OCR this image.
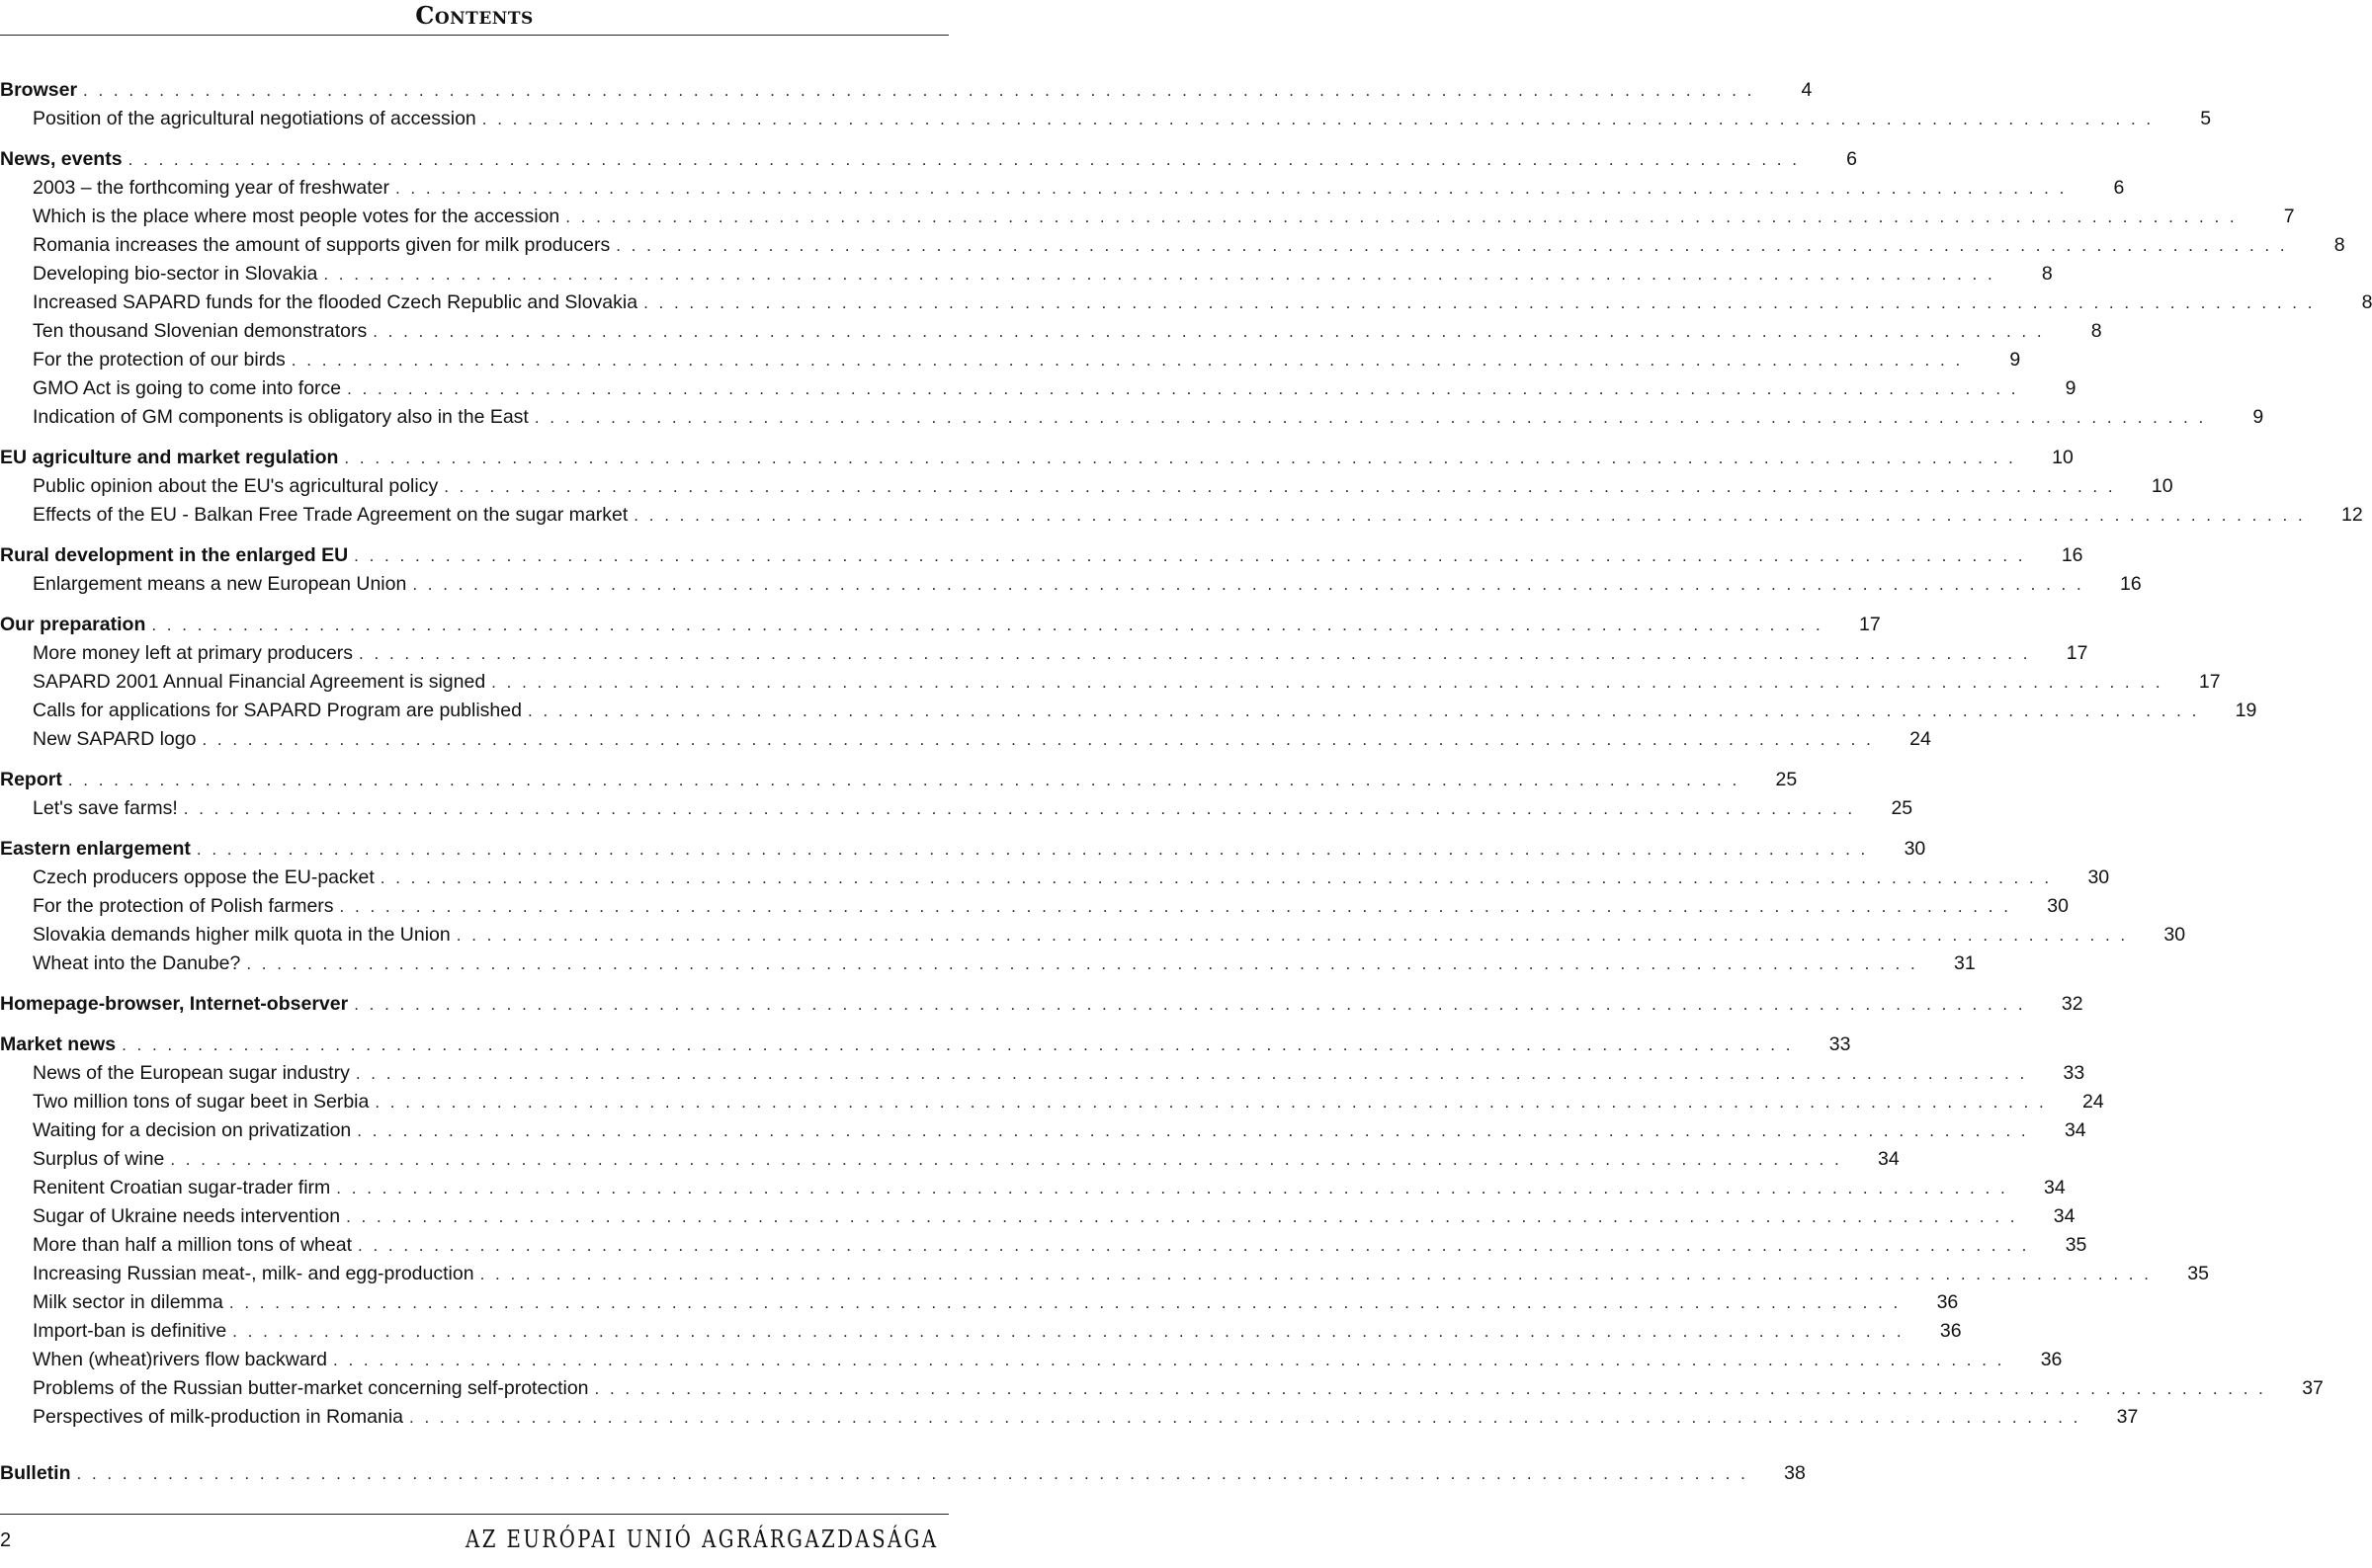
Contents
Browser . . . . . . . . . . . . . . . . . . . . . . . . . . . . . . . . . . . . . . . . . . . . . . . . . . . . . . . . . . . . . . . . . . . . . . . . . . . . . . . . . . . . . . . . . . . . . . . . . . . . . . . . . . . . . .	4
Position of the agricultural negotiations of accession . . . . . . . . . . . . . . . . . . . . . . . . . . . . . . . . . . . . . . . . . . . . . . . . . . . . . . . . . . . . . . . . . . . . . . . . . . . . . . . . . . . . . . . . . . . . . . . . . . . . . . . . . . . . . .	5
News, events . . . . . . . . . . . . . . . . . . . . . . . . . . . . . . . . . . . . . . . . . . . . . . . . . . . . . . . . . . . . . . . . . . . . . . . . . . . . . . . . . . . . . . . . . . . . . . . . . . . . . . . . . . . . . .	6
2003 – the forthcoming year of freshwater . . . . . . . . . . . . . . . . . . . . . . . . . . . . . . . . . . . . . . . . . . . . . . . . . . . . . . . . . . . . . . . . . . . . . . . . . . . . . . . . . . . . . . . . . . . . . . . . . . . . . . . . . . . . . .	6
Which is the place where most people votes for the accession . . . . . . . . . . . . . . . . . . . . . . . . . . . . . . . . . . . . . . . . . . . . . . . . . . . . . . . . . . . . . . . . . . . . . . . . . . . . . . . . . . . . . . . . . . . . . . . . . . . . . . . . . . . . . .	7
Romania increases the amount of supports given for milk producers . . . . . . . . . . . . . . . . . . . . . . . . . . . . . . . . . . . . . . . . . . . . . . . . . . . . . . . . . . . . . . . . . . . . . . . . . . . . . . . . . . . . . . . . . . . . . . . . . . . . . . . . . . . . . .	8
Developing bio-sector in Slovakia . . . . . . . . . . . . . . . . . . . . . . . . . . . . . . . . . . . . . . . . . . . . . . . . . . . . . . . . . . . . . . . . . . . . . . . . . . . . . . . . . . . . . . . . . . . . . . . . . . . . . . . . . . . . . .	8
Increased SAPARD funds for the flooded Czech Republic and Slovakia . . . . . . . . . . . . . . . . . . . . . . . . . . . . . . . . . . . . . . . . . . . . . . . . . . . . . . . . . . . . . . . . . . . . . . . . . . . . . . . . . . . . . . . . . . . . . . . . . . . . . . . . . . . . . .	8
Ten thousand Slovenian demonstrators . . . . . . . . . . . . . . . . . . . . . . . . . . . . . . . . . . . . . . . . . . . . . . . . . . . . . . . . . . . . . . . . . . . . . . . . . . . . . . . . . . . . . . . . . . . . . . . . . . . . . . . . . . . . . .	8
For the protection of our birds . . . . . . . . . . . . . . . . . . . . . . . . . . . . . . . . . . . . . . . . . . . . . . . . . . . . . . . . . . . . . . . . . . . . . . . . . . . . . . . . . . . . . . . . . . . . . . . . . . . . . . . . . . . . . .	9
GMO Act is going to come into force . . . . . . . . . . . . . . . . . . . . . . . . . . . . . . . . . . . . . . . . . . . . . . . . . . . . . . . . . . . . . . . . . . . . . . . . . . . . . . . . . . . . . . . . . . . . . . . . . . . . . . . . . . . . . .	9
Indication of GM components is obligatory also in the East . . . . . . . . . . . . . . . . . . . . . . . . . . . . . . . . . . . . . . . . . . . . . . . . . . . . . . . . . . . . . . . . . . . . . . . . . . . . . . . . . . . . . . . . . . . . . . . . . . . . . . . . . . . . . .	9
EU agriculture and market regulation . . . . . . . . . . . . . . . . . . . . . . . . . . . . . . . . . . . . . . . . . . . . . . . . . . . . . . . . . . . . . . . . . . . . . . . . . . . . . . . . . . . . . . . . . . . . . . . . . . . . . . . . . . . . . .	10
Public opinion about the EU's agricultural policy . . . . . . . . . . . . . . . . . . . . . . . . . . . . . . . . . . . . . . . . . . . . . . . . . . . . . . . . . . . . . . . . . . . . . . . . . . . . . . . . . . . . . . . . . . . . . . . . . . . . . . . . . . . . . .	10
Effects of the EU - Balkan Free Trade Agreement on the sugar market . . . . . . . . . . . . . . . . . . . . . . . . . . . . . . . . . . . . . . . . . . . . . . . . . . . . . . . . . . . . . . . . . . . . . . . . . . . . . . . . . . . . . . . . . . . . . . . . . . . . . . . . . . . . . .	12
Rural development in the enlarged EU . . . . . . . . . . . . . . . . . . . . . . . . . . . . . . . . . . . . . . . . . . . . . . . . . . . . . . . . . . . . . . . . . . . . . . . . . . . . . . . . . . . . . . . . . . . . . . . . . . . . . . . . . . . . . .	16
Enlargement means a new European Union . . . . . . . . . . . . . . . . . . . . . . . . . . . . . . . . . . . . . . . . . . . . . . . . . . . . . . . . . . . . . . . . . . . . . . . . . . . . . . . . . . . . . . . . . . . . . . . . . . . . . . . . . . . . . .	16
Our preparation . . . . . . . . . . . . . . . . . . . . . . . . . . . . . . . . . . . . . . . . . . . . . . . . . . . . . . . . . . . . . . . . . . . . . . . . . . . . . . . . . . . . . . . . . . . . . . . . . . . . . . . . . . . . . .	17
More money left at primary producers . . . . . . . . . . . . . . . . . . . . . . . . . . . . . . . . . . . . . . . . . . . . . . . . . . . . . . . . . . . . . . . . . . . . . . . . . . . . . . . . . . . . . . . . . . . . . . . . . . . . . . . . . . . . . .	17
SAPARD 2001 Annual Financial Agreement is signed . . . . . . . . . . . . . . . . . . . . . . . . . . . . . . . . . . . . . . . . . . . . . . . . . . . . . . . . . . . . . . . . . . . . . . . . . . . . . . . . . . . . . . . . . . . . . . . . . . . . . . . . . . . . . .	17
Calls for applications for SAPARD Program are published . . . . . . . . . . . . . . . . . . . . . . . . . . . . . . . . . . . . . . . . . . . . . . . . . . . . . . . . . . . . . . . . . . . . . . . . . . . . . . . . . . . . . . . . . . . . . . . . . . . . . . . . . . . . . .	19
New SAPARD logo . . . . . . . . . . . . . . . . . . . . . . . . . . . . . . . . . . . . . . . . . . . . . . . . . . . . . . . . . . . . . . . . . . . . . . . . . . . . . . . . . . . . . . . . . . . . . . . . . . . . . . . . . . . . . .	24
Report . . . . . . . . . . . . . . . . . . . . . . . . . . . . . . . . . . . . . . . . . . . . . . . . . . . . . . . . . . . . . . . . . . . . . . . . . . . . . . . . . . . . . . . . . . . . . . . . . . . . . . . . . . . . . .	25
Let's save farms! . . . . . . . . . . . . . . . . . . . . . . . . . . . . . . . . . . . . . . . . . . . . . . . . . . . . . . . . . . . . . . . . . . . . . . . . . . . . . . . . . . . . . . . . . . . . . . . . . . . . . . . . . . . . . .	25
Eastern enlargement . . . . . . . . . . . . . . . . . . . . . . . . . . . . . . . . . . . . . . . . . . . . . . . . . . . . . . . . . . . . . . . . . . . . . . . . . . . . . . . . . . . . . . . . . . . . . . . . . . . . . . . . . . . . . .	30
Czech producers oppose the EU-packet . . . . . . . . . . . . . . . . . . . . . . . . . . . . . . . . . . . . . . . . . . . . . . . . . . . . . . . . . . . . . . . . . . . . . . . . . . . . . . . . . . . . . . . . . . . . . . . . . . . . . . . . . . . . . .	30
For the protection of Polish farmers . . . . . . . . . . . . . . . . . . . . . . . . . . . . . . . . . . . . . . . . . . . . . . . . . . . . . . . . . . . . . . . . . . . . . . . . . . . . . . . . . . . . . . . . . . . . . . . . . . . . . . . . . . . . . .	30
Slovakia demands higher milk quota in the Union . . . . . . . . . . . . . . . . . . . . . . . . . . . . . . . . . . . . . . . . . . . . . . . . . . . . . . . . . . . . . . . . . . . . . . . . . . . . . . . . . . . . . . . . . . . . . . . . . . . . . . . . . . . . . .	30
Wheat into the Danube? . . . . . . . . . . . . . . . . . . . . . . . . . . . . . . . . . . . . . . . . . . . . . . . . . . . . . . . . . . . . . . . . . . . . . . . . . . . . . . . . . . . . . . . . . . . . . . . . . . . . . . . . . . . . . .	31
Homepage-browser, Internet-observer . . . . . . . . . . . . . . . . . . . . . . . . . . . . . . . . . . . . . . . . . . . . . . . . . . . . . . . . . . . . . . . . . . . . . . . . . . . . . . . . . . . . . . . . . . . . . . . . . . . . . . . . . . . . . .	32
Market news . . . . . . . . . . . . . . . . . . . . . . . . . . . . . . . . . . . . . . . . . . . . . . . . . . . . . . . . . . . . . . . . . . . . . . . . . . . . . . . . . . . . . . . . . . . . . . . . . . . . . . . . . . . . . .	33
News of the European sugar industry . . . . . . . . . . . . . . . . . . . . . . . . . . . . . . . . . . . . . . . . . . . . . . . . . . . . . . . . . . . . . . . . . . . . . . . . . . . . . . . . . . . . . . . . . . . . . . . . . . . . . . . . . . . . . .	33
Two million tons of sugar beet in Serbia . . . . . . . . . . . . . . . . . . . . . . . . . . . . . . . . . . . . . . . . . . . . . . . . . . . . . . . . . . . . . . . . . . . . . . . . . . . . . . . . . . . . . . . . . . . . . . . . . . . . . . . . . . . . . .	24
Waiting for a decision on privatization . . . . . . . . . . . . . . . . . . . . . . . . . . . . . . . . . . . . . . . . . . . . . . . . . . . . . . . . . . . . . . . . . . . . . . . . . . . . . . . . . . . . . . . . . . . . . . . . . . . . . . . . . . . . . .	34
Surplus of wine . . . . . . . . . . . . . . . . . . . . . . . . . . . . . . . . . . . . . . . . . . . . . . . . . . . . . . . . . . . . . . . . . . . . . . . . . . . . . . . . . . . . . . . . . . . . . . . . . . . . . . . . . . . . . .	34
Renitent Croatian sugar-trader firm . . . . . . . . . . . . . . . . . . . . . . . . . . . . . . . . . . . . . . . . . . . . . . . . . . . . . . . . . . . . . . . . . . . . . . . . . . . . . . . . . . . . . . . . . . . . . . . . . . . . . . . . . . . . . .	34
Sugar of Ukraine needs intervention . . . . . . . . . . . . . . . . . . . . . . . . . . . . . . . . . . . . . . . . . . . . . . . . . . . . . . . . . . . . . . . . . . . . . . . . . . . . . . . . . . . . . . . . . . . . . . . . . . . . . . . . . . . . . .	34
More than half a million tons of wheat . . . . . . . . . . . . . . . . . . . . . . . . . . . . . . . . . . . . . . . . . . . . . . . . . . . . . . . . . . . . . . . . . . . . . . . . . . . . . . . . . . . . . . . . . . . . . . . . . . . . . . . . . . . . . .	35
Increasing Russian meat-, milk- and egg-production . . . . . . . . . . . . . . . . . . . . . . . . . . . . . . . . . . . . . . . . . . . . . . . . . . . . . . . . . . . . . . . . . . . . . . . . . . . . . . . . . . . . . . . . . . . . . . . . . . . . . . . . . . . . . .	35
Milk sector in dilemma . . . . . . . . . . . . . . . . . . . . . . . . . . . . . . . . . . . . . . . . . . . . . . . . . . . . . . . . . . . . . . . . . . . . . . . . . . . . . . . . . . . . . . . . . . . . . . . . . . . . . . . . . . . . . .	36
Import-ban is definitive . . . . . . . . . . . . . . . . . . . . . . . . . . . . . . . . . . . . . . . . . . . . . . . . . . . . . . . . . . . . . . . . . . . . . . . . . . . . . . . . . . . . . . . . . . . . . . . . . . . . . . . . . . . . . .	36
When (wheat)rivers flow backward . . . . . . . . . . . . . . . . . . . . . . . . . . . . . . . . . . . . . . . . . . . . . . . . . . . . . . . . . . . . . . . . . . . . . . . . . . . . . . . . . . . . . . . . . . . . . . . . . . . . . . . . . . . . . .	36
Problems of the Russian butter-market concerning self-protection . . . . . . . . . . . . . . . . . . . . . . . . . . . . . . . . . . . . . . . . . . . . . . . . . . . . . . . . . . . . . . . . . . . . . . . . . . . . . . . . . . . . . . . . . . . . . . . . . . . . . . . . . . . . . .	37
Perspectives of milk-production in Romania . . . . . . . . . . . . . . . . . . . . . . . . . . . . . . . . . . . . . . . . . . . . . . . . . . . . . . . . . . . . . . . . . . . . . . . . . . . . . . . . . . . . . . . . . . . . . . . . . . . . . . . . . . . . . .	37
Bulletin . . . . . . . . . . . . . . . . . . . . . . . . . . . . . . . . . . . . . . . . . . . . . . . . . . . . . . . . . . . . . . . . . . . . . . . . . . . . . . . . . . . . . . . . . . . . . . . . . . . . . . . . . . . . . .	38
2	AZ EURÓPAI UNIÓ AGRÁRGAZDASÁGA
